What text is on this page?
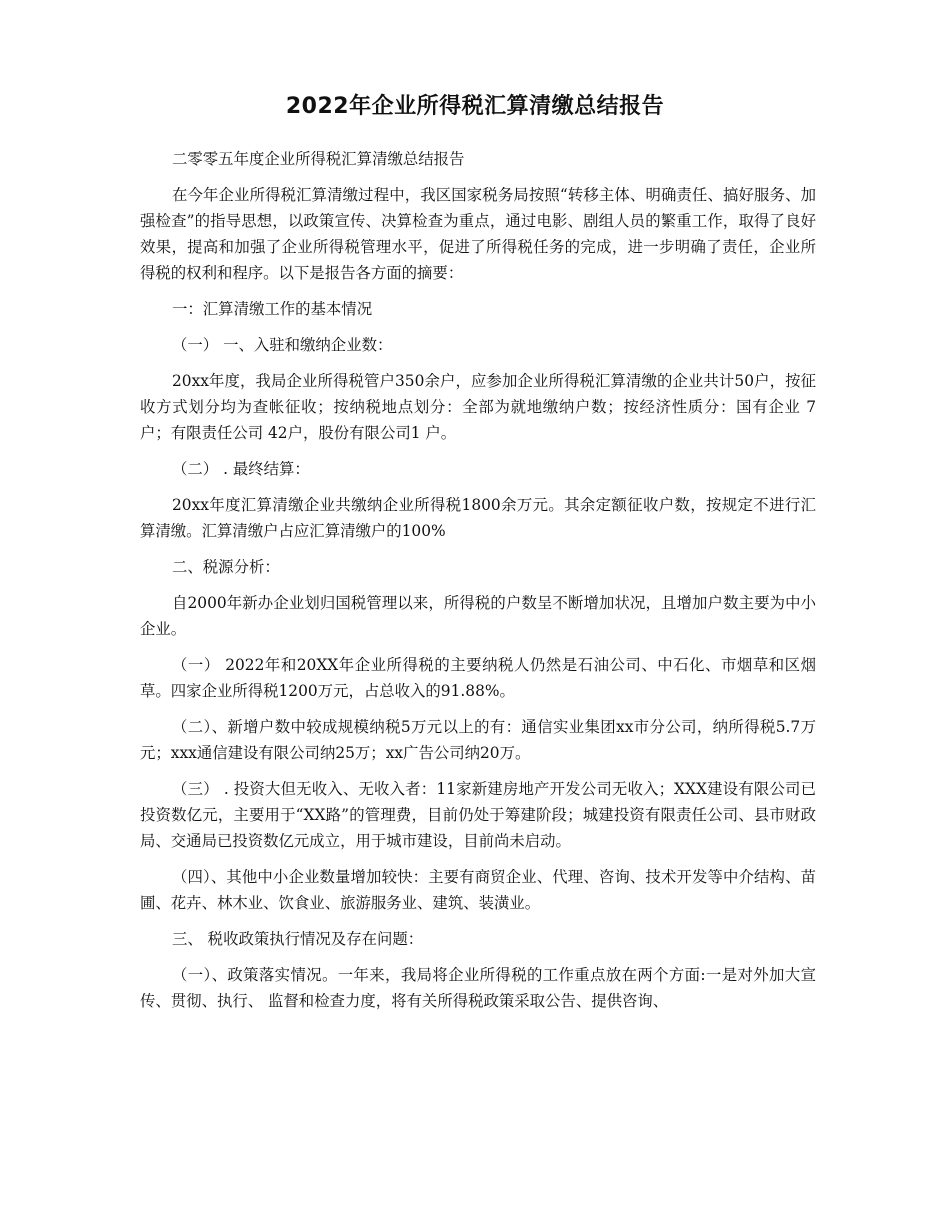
2022年企业所得税汇算清缴总结报告

二零零五年度企业所得税汇算清缴总结报告

在今年企业所得税汇算清缴过程中，我区国家税务局按照“转移主体、明确责任、搞好服务、加强检查”的指导思想，以政策宣传、决算检查为重点，通过电影、剧组人员的繁重工作，取得了良好效果，提高和加强了企业所得税管理水平，促进了所得税任务的完成，进一步明确了责任，企业所得税的权利和程序。以下是报告各方面的摘要：

一：汇算清缴工作的基本情况

（一） 一、入驻和缴纳企业数：

20xx年度，我局企业所得税管户350余户，应参加企业所得税汇算清缴的企业共计50户，按征收方式划分均为查帐征收；按纳税地点划分：全部为就地缴纳户数；按经济性质分：国有企业 7 户；有限责任公司 42户，股份有限公司1 户。

（二） . 最终结算：

20xx年度汇算清缴企业共缴纳企业所得税1800余万元。其余定额征收户数，按规定不进行汇算清缴。汇算清缴户占应汇算清缴户的100%

二、税源分析：

自2000年新办企业划归国税管理以来，所得税的户数呈不断增加状况，且增加户数主要为中小企业。

（一） 2022年和20XX年企业所得税的主要纳税人仍然是石油公司、中石化、市烟草和区烟草。四家企业所得税1200万元，占总收入的91.88%。

（二）、新增户数中较成规模纳税5万元以上的有：通信实业集团xx市分公司，纳所得税5.7万元；xxx通信建设有限公司纳25万；xx广告公司纳20万。

（三） . 投资大但无收入、无收入者：11家新建房地产开发公司无收入；XXX建设有限公司已投资数亿元，主要用于“XX路”的管理费，目前仍处于筹建阶段；城建投资有限责任公司、县市财政局、交通局已投资数亿元成立，用于城市建设，目前尚未启动。

（四）、其他中小企业数量增加较快：主要有商贸企业、代理、咨询、技术开发等中介结构、苗圃、花卉、林木业、饮食业、旅游服务业、建筑、装潢业。

三、 税收政策执行情况及存在问题：

（一）、政策落实情况。一年来，我局将企业所得税的工作重点放在两个方面:一是对外加大宣传、贯彻、执行、 监督和检查力度，将有关所得税政策采取公告、提供咨询、
